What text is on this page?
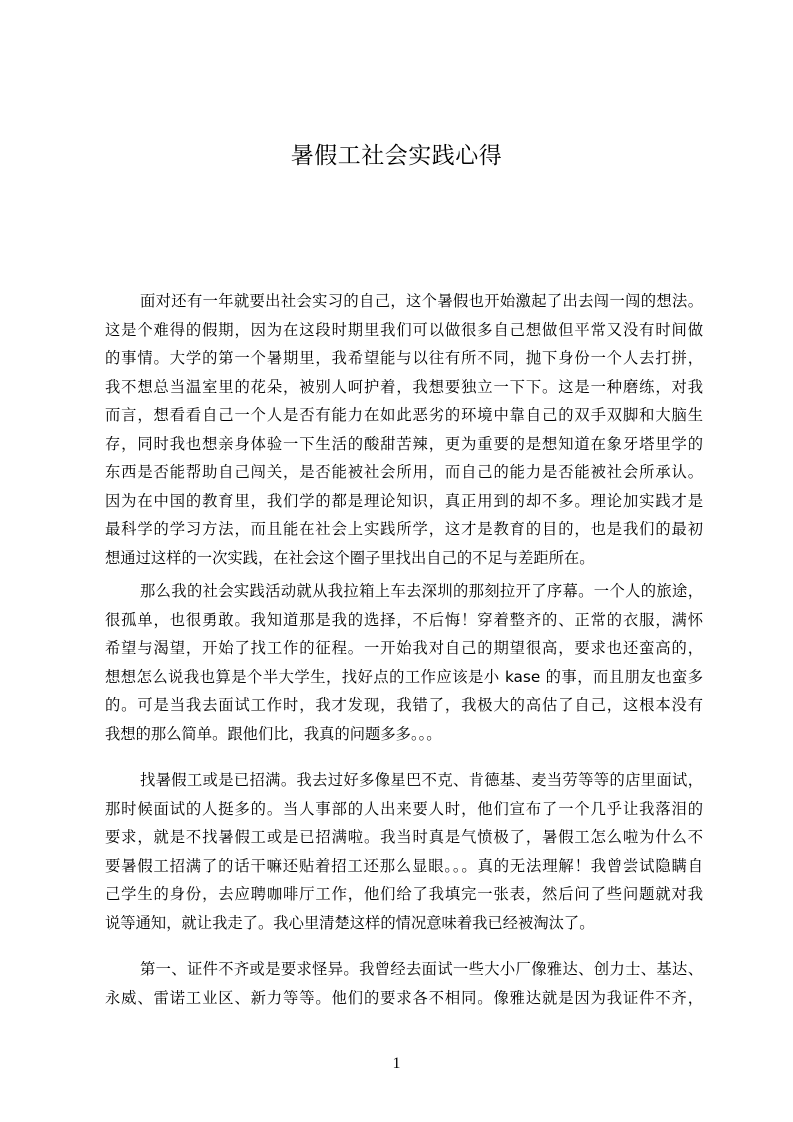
暑假工社会实践心得
面对还有一年就要出社会实习的自己，这个暑假也开始激起了出去闯一闯的想法。
这是个难得的假期，因为在这段时期里我们可以做很多自己想做但平常又没有时间做
的事情。大学的第一个暑期里，我希望能与以往有所不同，抛下身份一个人去打拼，
我不想总当温室里的花朵，被别人呵护着，我想要独立一下下。这是一种磨练，对我
而言，想看看自己一个人是否有能力在如此恶劣的环境中靠自己的双手双脚和大脑生
存，同时我也想亲身体验一下生活的酸甜苦辣，更为重要的是想知道在象牙塔里学的
东西是否能帮助自己闯关，是否能被社会所用，而自己的能力是否能被社会所承认。
因为在中国的教育里，我们学的都是理论知识，真正用到的却不多。理论加实践才是
最科学的学习方法，而且能在社会上实践所学，这才是教育的目的，也是我们的最初
想通过这样的一次实践，在社会这个圈子里找出自己的不足与差距所在。
那么我的社会实践活动就从我拉箱上车去深圳的那刻拉开了序幕。一个人的旅途，
很孤单，也很勇敢。我知道那是我的选择，不后悔！穿着整齐的、正常的衣服，满怀
希望与渴望，开始了找工作的征程。一开始我对自己的期望很高，要求也还蛮高的，
想想怎么说我也算是个半大学生，找好点的工作应该是小 kase 的事，而且朋友也蛮多
的。可是当我去面试工作时，我才发现，我错了，我极大的高估了自己，这根本没有
我想的那么简单。跟他们比，我真的问题多多。。。
找暑假工或是已招满。我去过好多像星巴不克、肯德基、麦当劳等等的店里面试，
那时候面试的人挺多的。当人事部的人出来要人时，他们宣布了一个几乎让我落泪的
要求，就是不找暑假工或是已招满啦。我当时真是气愤极了，暑假工怎么啦为什么不
要暑假工招满了的话干嘛还贴着招工还那么显眼。。。真的无法理解！我曾尝试隐瞒自
己学生的身份，去应聘咖啡厅工作，他们给了我填完一张表，然后问了些问题就对我
说等通知，就让我走了。我心里清楚这样的情况意味着我已经被淘汰了。
第一、证件不齐或是要求怪异。我曾经去面试一些大小厂像雅达、创力士、基达、
永威、雷诺工业区、新力等等。他们的要求各不相同。像雅达就是因为我证件不齐，
1
